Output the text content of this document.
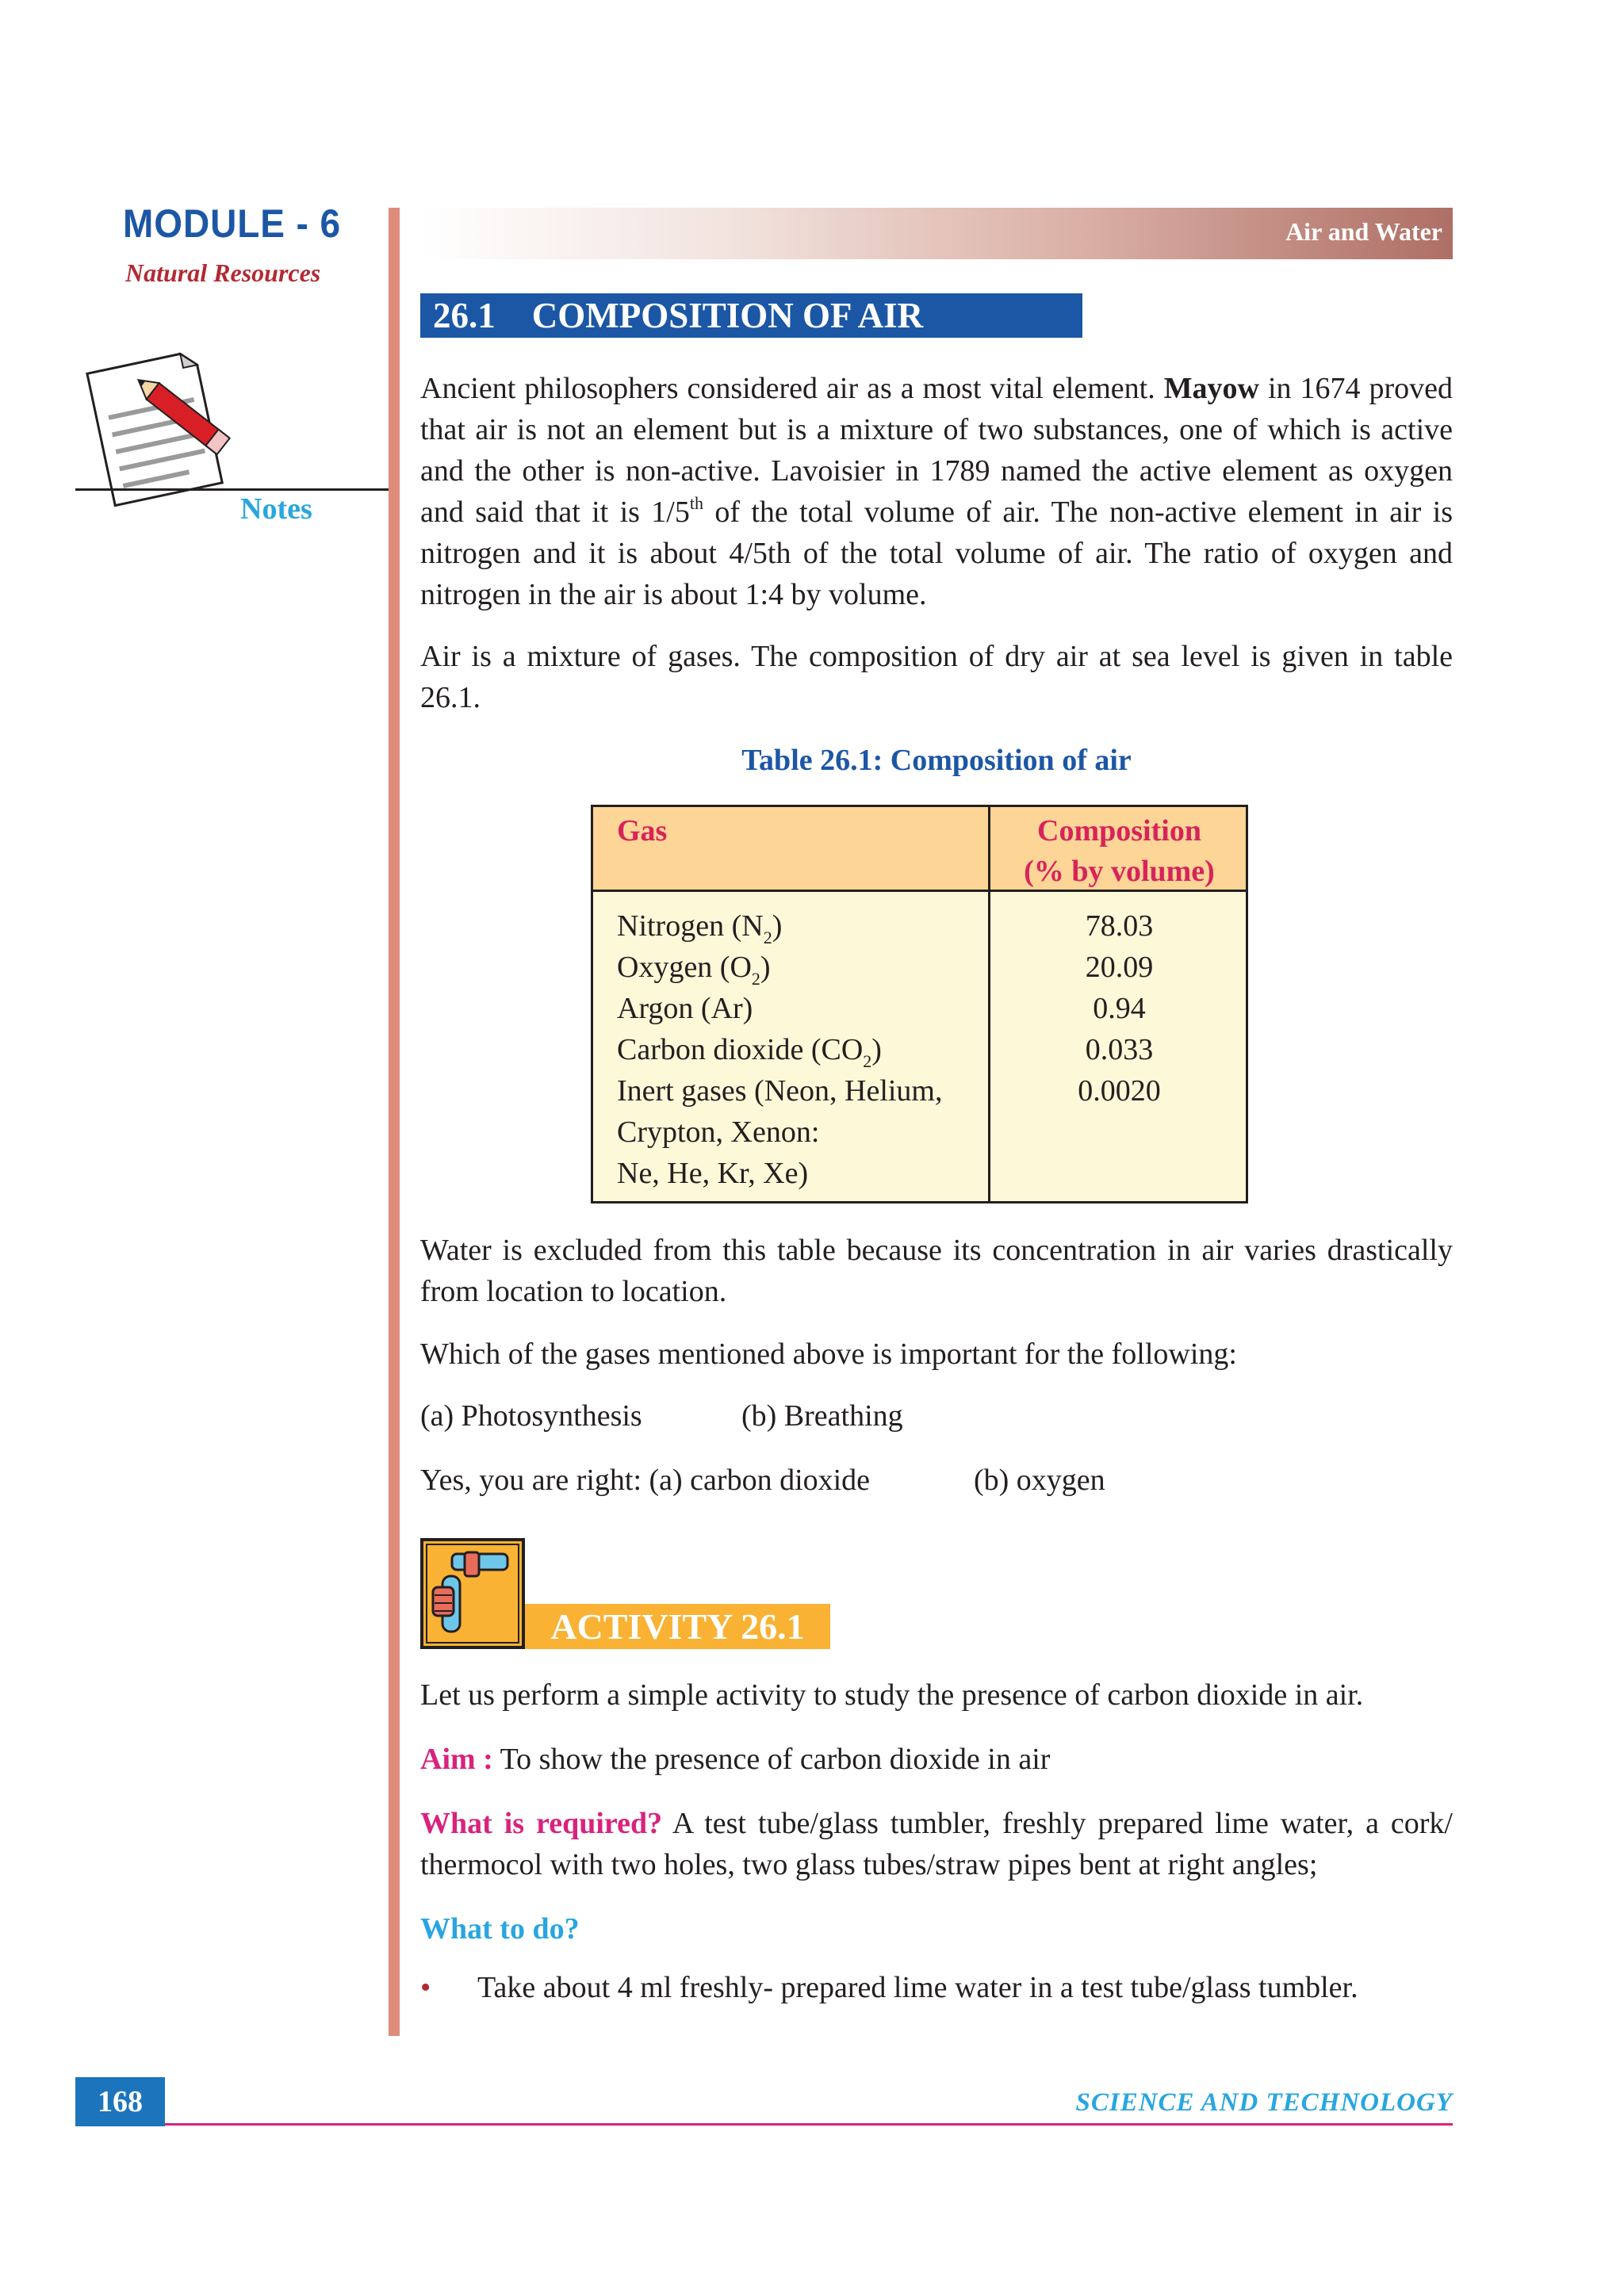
MODULE - 6
Natural Resources
Notes
Air and Water
26.1 COMPOSITION OF AIR
Ancient philosophers considered air as a most vital element. Mayow in 1674 proved that air is not an element but is a mixture of two substances, one of which is active and the other is non-active. Lavoisier in 1789 named the active element as oxygen and said that it is 1/5th of the total volume of air. The non-active element in air is nitrogen and it is about 4/5th of the total volume of air. The ratio of oxygen and nitrogen in the air is about 1:4 by volume.
Air is a mixture of gases. The composition of dry air at sea level is given in table 26.1.
Table 26.1: Composition of air
Gas	Composition
(% by volume)
Nitrogen $(N_2)$	78.03
Oxygen $(O_2)$	20.09
Argon (Ar)	0.94
Carbon dioxide $(CO_2)$	0.033
Inert gases (Neon, Helium,	0.0020
Crypton, Xenon:
Ne, He, Kr, Xe)
Water is excluded from this table because its concentration in air varies drastically from location to location.
Which of the gases mentioned above is important for the following:
(a) Photosynthesis	(b) Breathing
Yes, you are right: (a) carbon dioxide	(b) oxygen
ACTIVITY 26.1
Let us perform a simple activity to study the presence of carbon dioxide in air.
Aim : To show the presence of carbon dioxide in air
What is required? A test tube/glass tumbler, freshly prepared lime water, a cork/ thermocol with two holes, two glass tubes/straw pipes bent at right angles;
What to do?
• Take about 4 ml freshly- prepared lime water in a test tube/glass tumbler.
168	SCIENCE AND TECHNOLOGY
